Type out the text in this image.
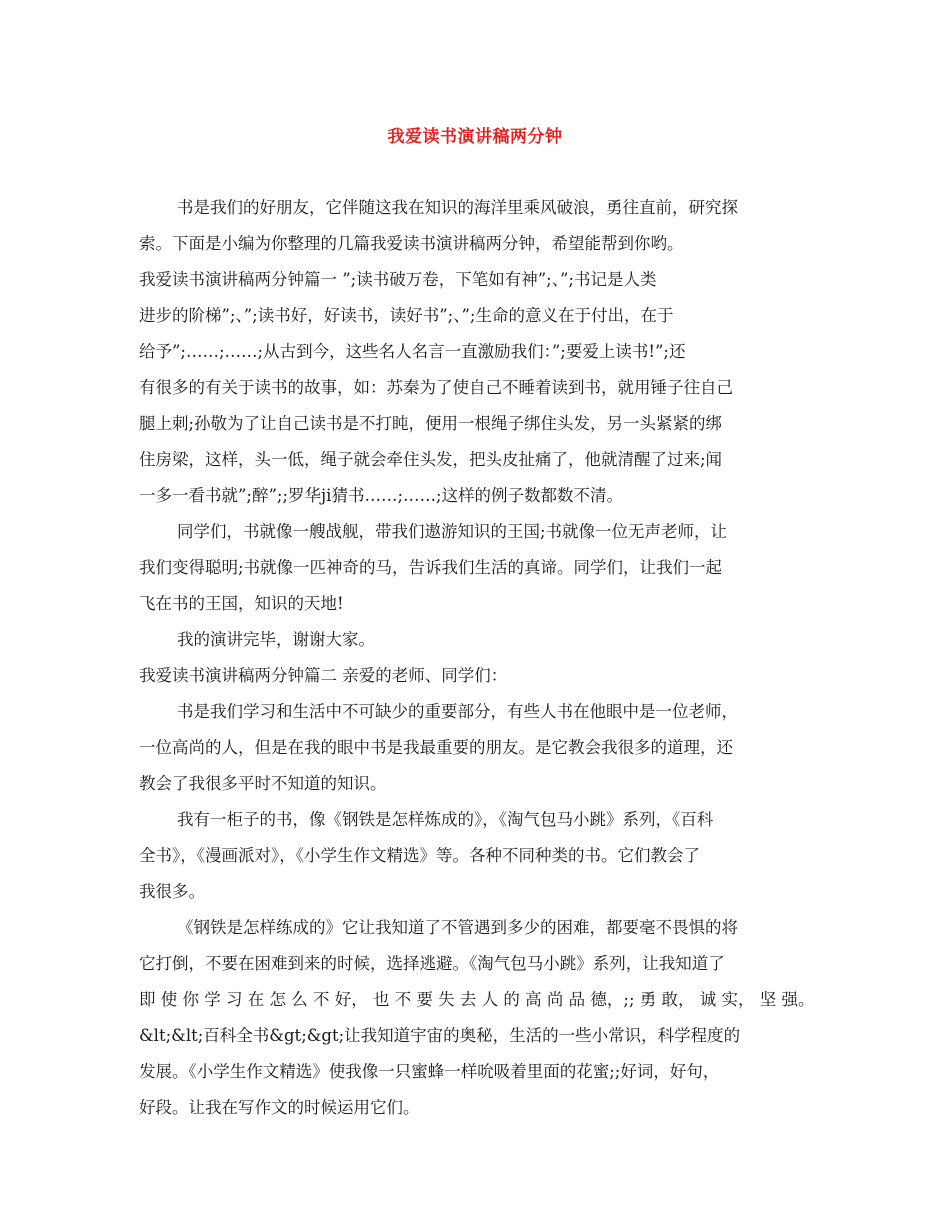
我爱读书演讲稿两分钟
书是我们的好朋友，它伴随这我在知识的海洋里乘风破浪，勇往直前，研究探
索。下面是小编为你整理的几篇我爱读书演讲稿两分钟，希望能帮到你哟。
我爱读书演讲稿两分钟篇一 ”;读书破万卷，下笔如有神”;、”;书记是人类
进步的阶梯”;、”;读书好，好读书，读好书”;、”;生命的意义在于付出，在于
给予”;……;……;从古到今，这些名人名言一直激励我们：”;要爱上读书!”;还
有很多的有关于读书的故事，如：苏秦为了使自己不睡着读到书，就用锤子往自己
腿上刺;孙敬为了让自己读书是不打盹，便用一根绳子绑住头发，另一头紧紧的绑
住房梁，这样，头一低，绳子就会牵住头发，把头皮扯痛了，他就清醒了过来;闻
一多一看书就”;醉”;;罗华ji猜书……;……;这样的例子数都数不清。
同学们，书就像一艘战舰，带我们遨游知识的王国;书就像一位无声老师，让
我们变得聪明;书就像一匹神奇的马，告诉我们生活的真谛。同学们，让我们一起
飞在书的王国，知识的天地!
我的演讲完毕，谢谢大家。
我爱读书演讲稿两分钟篇二 亲爱的老师、同学们：
书是我们学习和生活中不可缺少的重要部分，有些人书在他眼中是一位老师，
一位高尚的人，但是在我的眼中书是我最重要的朋友。是它教会我很多的道理，还
教会了我很多平时不知道的知识。
我有一柜子的书，像《钢铁是怎样炼成的》，《淘气包马小跳》系列，《百科
全书》，《漫画派对》，《小学生作文精选》等。各种不同种类的书。它们教会了
我很多。
《钢铁是怎样练成的》它让我知道了不管遇到多少的困难，都要毫不畏惧的将
它打倒，不要在困难到来的时候，选择逃避。《淘气包马小跳》系列，让我知道了
即 使 你 学 习 在 怎 么 不 好， 也 不 要 失 去 人 的 高 尚 品 德，;; 勇 敢， 诚 实， 坚 强。
&lt;&lt;百科全书&gt;&gt;让我知道宇宙的奥秘，生活的一些小常识，科学程度的
发展。《小学生作文精选》使我像一只蜜蜂一样吮吸着里面的花蜜;;好词，好句，
好段。让我在写作文的时候运用它们。
